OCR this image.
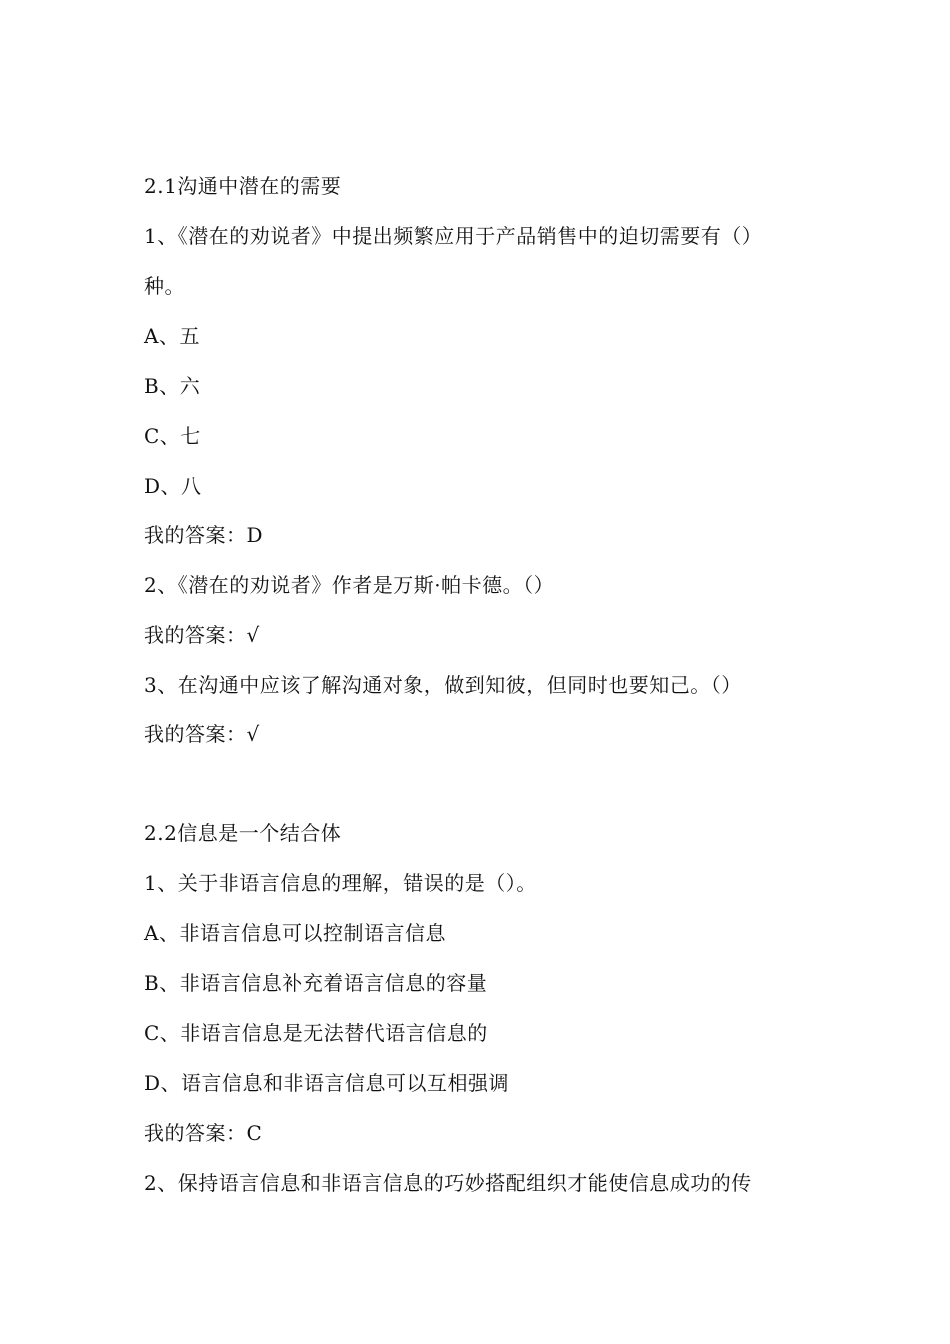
2.1沟通中潜在的需要
1、《潜在的劝说者》中提出频繁应用于产品销售中的迫切需要有（）
种。
A、五
B、六
C、七
D、八
我的答案：D
2、《潜在的劝说者》作者是万斯·帕卡德。（）
我的答案：√
3、在沟通中应该了解沟通对象，做到知彼，但同时也要知己。（）
我的答案：√
2.2信息是一个结合体
1、关于非语言信息的理解，错误的是（）。
A、非语言信息可以控制语言信息
B、非语言信息补充着语言信息的容量
C、非语言信息是无法替代语言信息的
D、语言信息和非语言信息可以互相强调
我的答案：C
2、保持语言信息和非语言信息的巧妙搭配组织才能使信息成功的传
